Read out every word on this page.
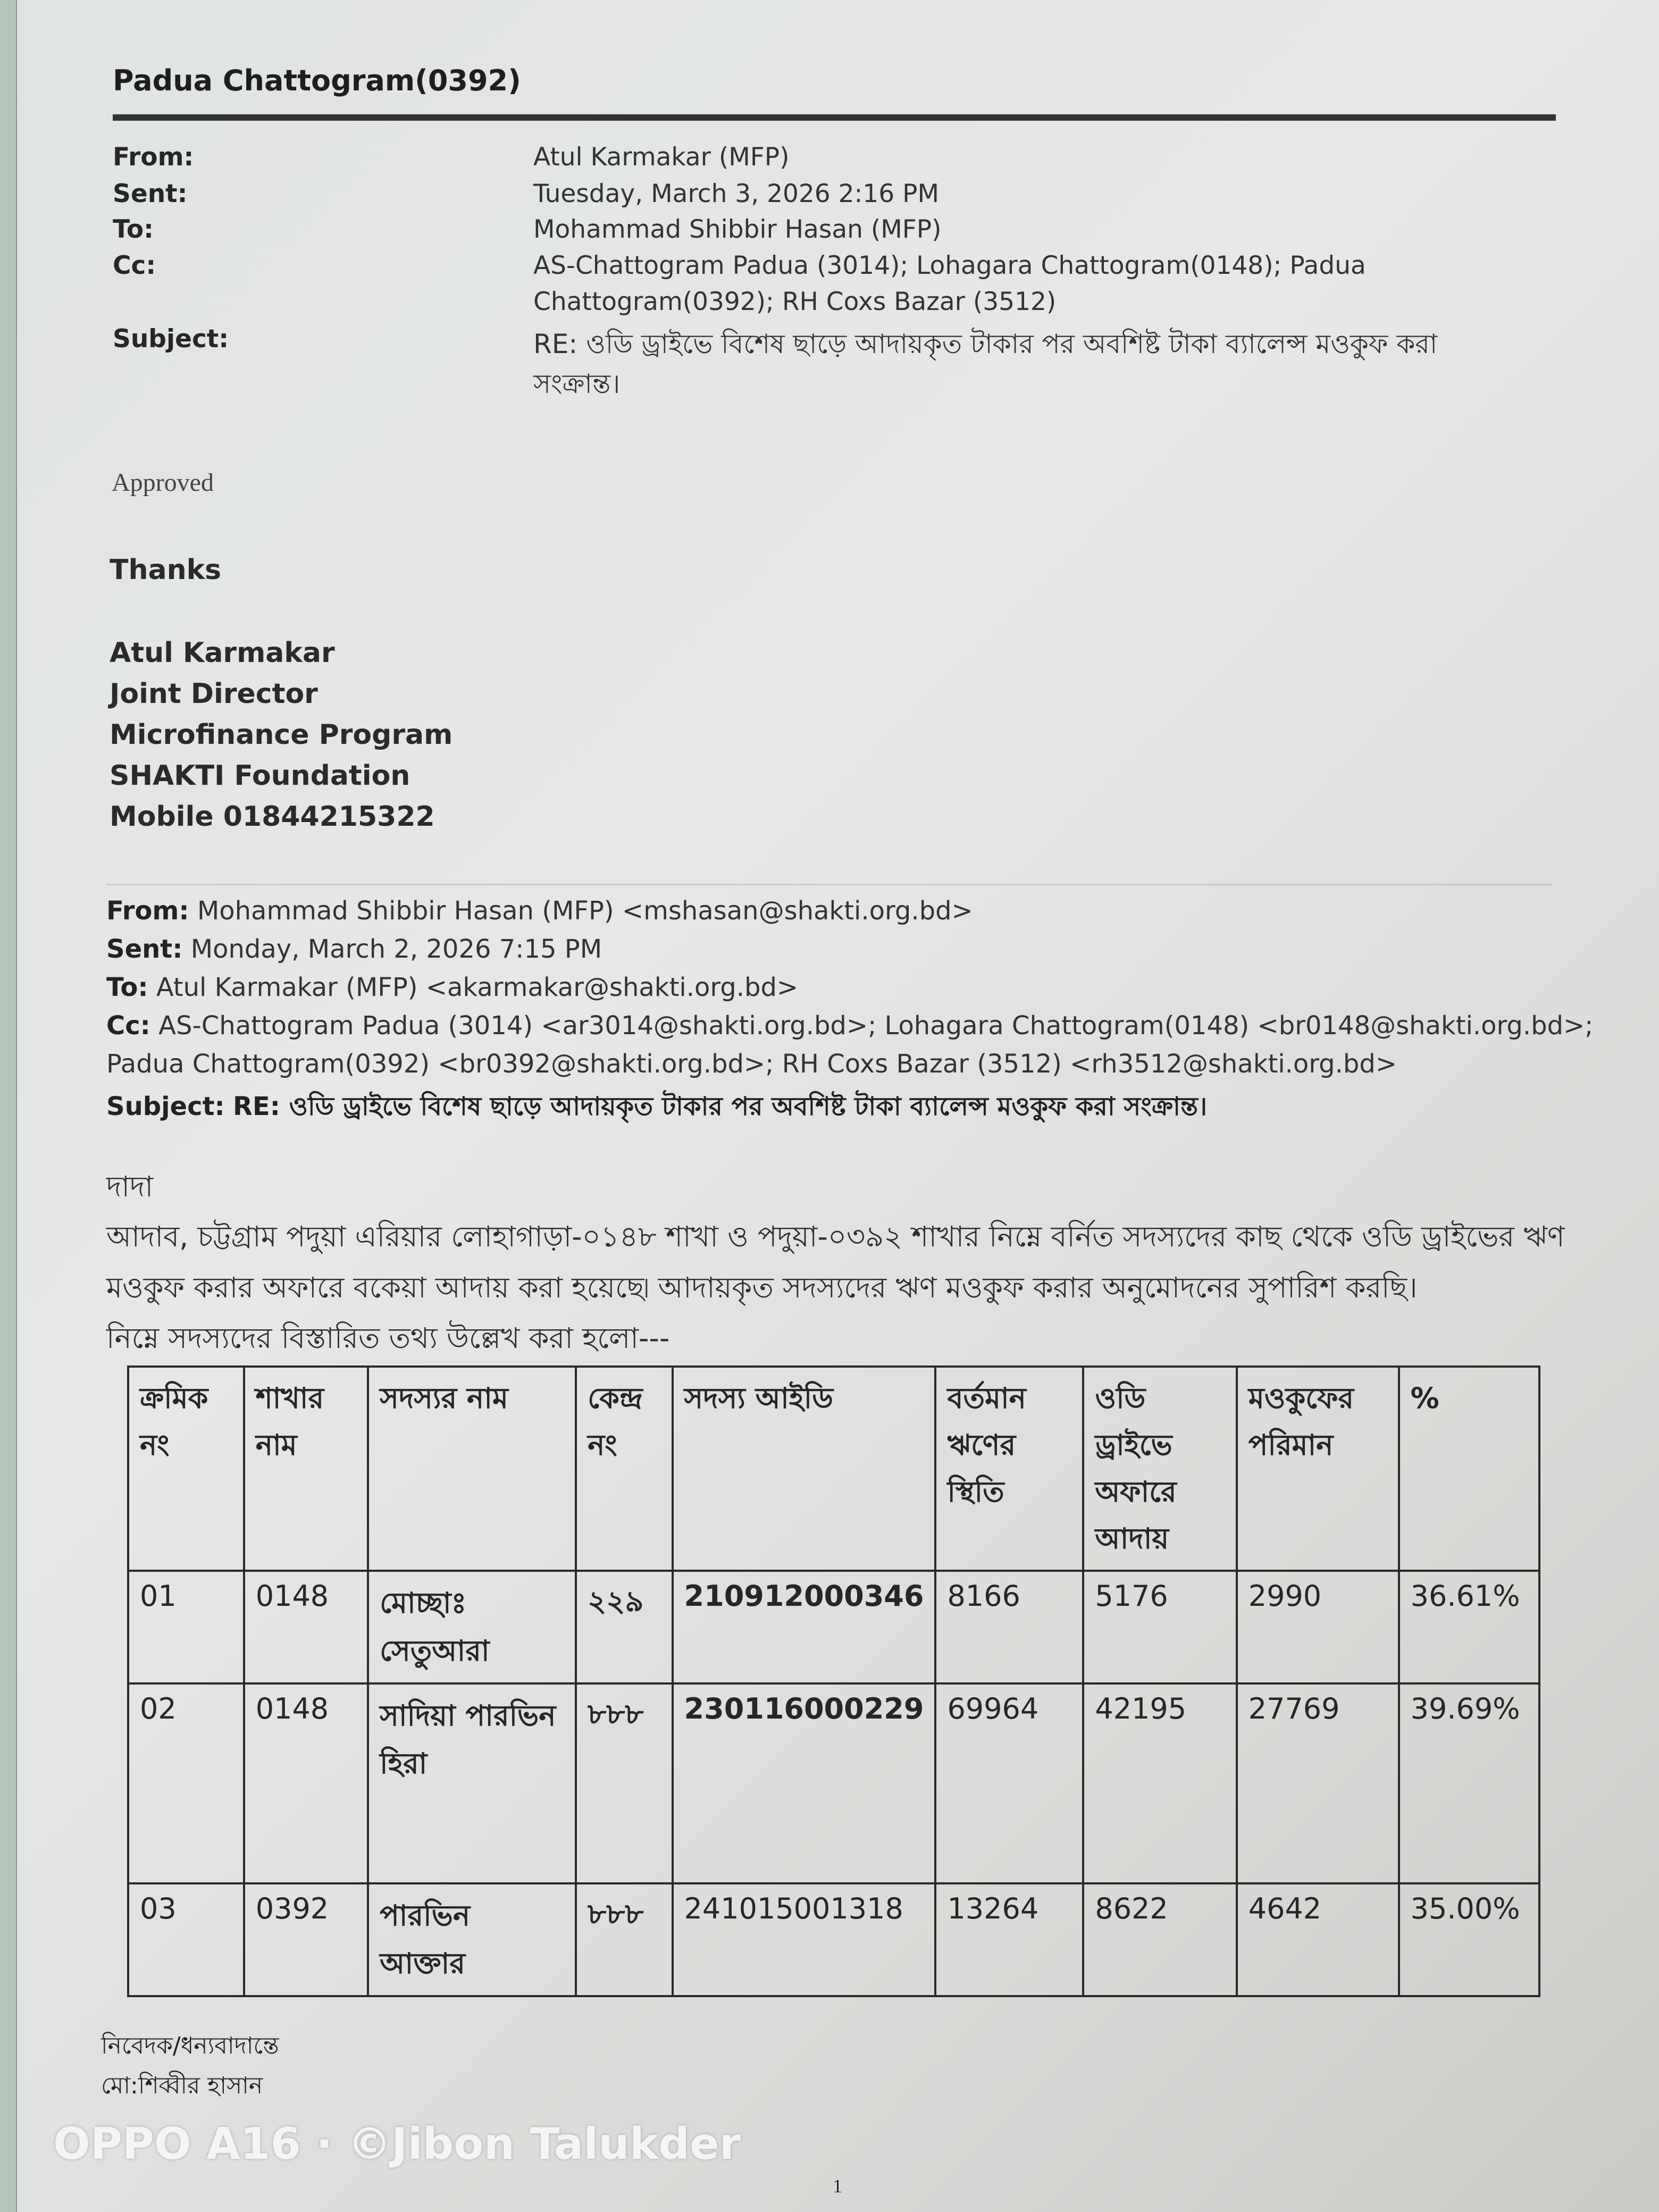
Padua Chattogram(0392)
From:	Atul Karmakar (MFP)
Sent:	Tuesday, March 3, 2026 2:16 PM
To:	Mohammad Shibbir Hasan (MFP)
Cc:	AS-Chattogram Padua (3014); Lohagara Chattogram(0148); Padua
Chattogram(0392); RH Coxs Bazar (3512)
Subject:	RE: ওডি ড্রাইভে বিশেষ ছাড়ে আদায়কৃত টাকার পর অবশিষ্ট টাকা ব্যালেন্স মওকুফ করা
সংক্রান্ত।
Approved
Thanks
Atul Karmakar
Joint Director
Microfinance Program
SHAKTI Foundation
Mobile 01844215322
From: Mohammad Shibbir Hasan (MFP) <mshasan@shakti.org.bd>
Sent: Monday, March 2, 2026 7:15 PM
To: Atul Karmakar (MFP) <akarmakar@shakti.org.bd>
Cc: AS-Chattogram Padua (3014) <ar3014@shakti.org.bd>; Lohagara Chattogram(0148) <br0148@shakti.org.bd>;
Padua Chattogram(0392) <br0392@shakti.org.bd>; RH Coxs Bazar (3512) <rh3512@shakti.org.bd>
Subject: RE: ওডি ড্রাইভে বিশেষ ছাড়ে আদায়কৃত টাকার পর অবশিষ্ট টাকা ব্যালেন্স মওকুফ করা সংক্রান্ত।
দাদা
আদাব, চট্টগ্রাম পদুয়া এরিয়ার লোহাগাড়া-০১৪৮ শাখা ও পদুয়া-০৩৯২ শাখার নিম্নে বর্নিত সদস্যদের কাছ থেকে ওডি ড্রাইভের ঋণ
মওকুফ করার অফারে বকেয়া আদায় করা হয়েছে৷ আদায়কৃত সদস্যদের ঋণ মওকুফ করার অনুমোদনের সুপারিশ করছি।
নিম্নে সদস্যদের বিস্তারিত তথ্য উল্লেখ করা হলো---
ক্রমিক নং	শাখার নাম	সদস্যর নাম	কেন্দ্র নং	সদস্য আইডি	বর্তমান ঋণের স্থিতি	ওডি ড্রাইভে অফারে আদায়	মওকুফের পরিমান	%
01	0148	মোচ্ছাঃ সেতুআরা	২২৯	210912000346	8166	5176	2990	36.61%
02	0148	সাদিয়া পারভিন হিরা	৮৮৮	230116000229	69964	42195	27769	39.69%
03	0392	পারভিন আক্তার	৮৮৮	241015001318	13264	8622	4642	35.00%
নিবেদক/ধন্যবাদান্তে
মো:শিব্বীর হাসান
OPPO A16 · ©Jibon Talukder
1
